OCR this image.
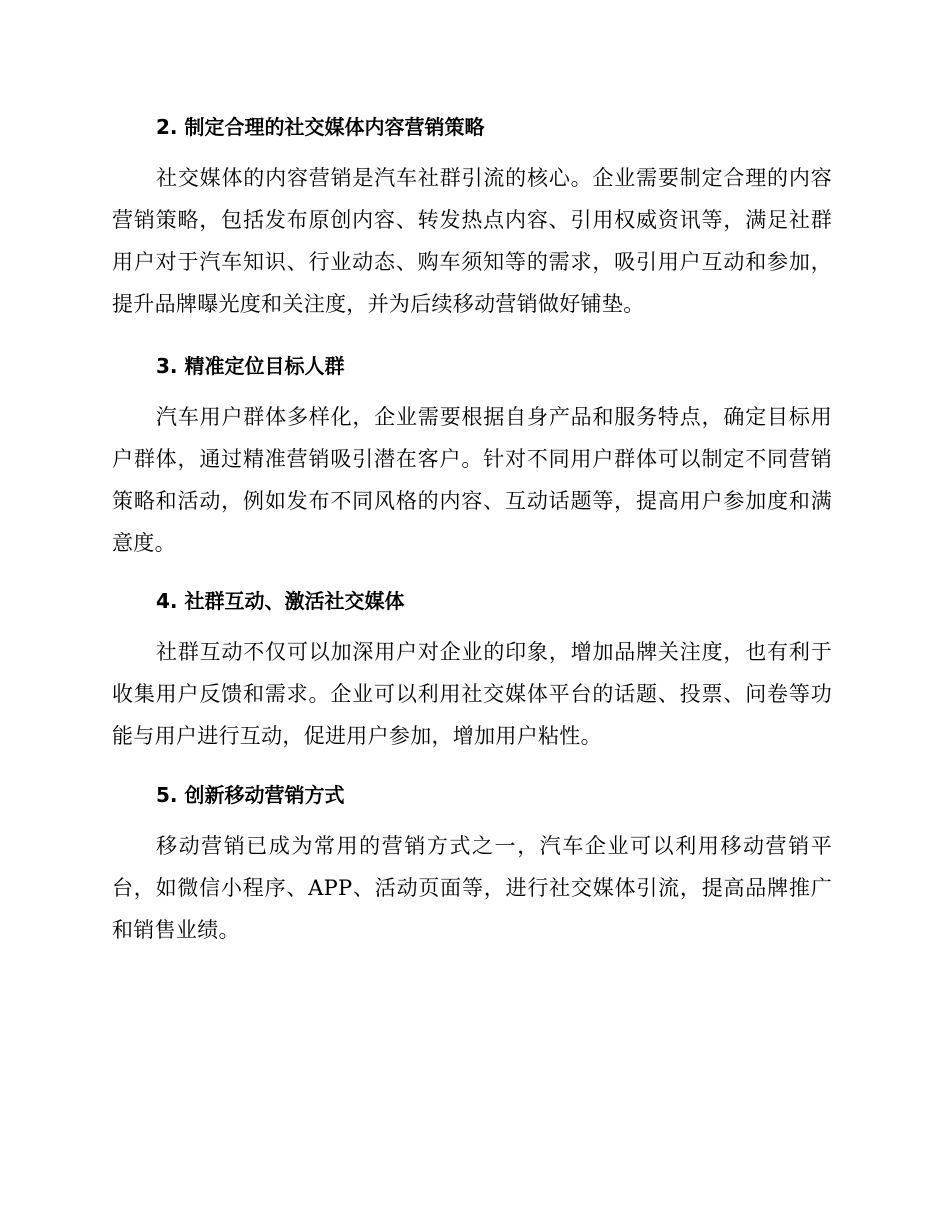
2. 制定合理的社交媒体内容营销策略

社交媒体的内容营销是汽车社群引流的核心。企业需要制定合理的内容营销策略，包括发布原创内容、转发热点内容、引用权威资讯等，满足社群用户对于汽车知识、行业动态、购车须知等的需求，吸引用户互动和参加，提升品牌曝光度和关注度，并为后续移动营销做好铺垫。

3. 精准定位目标人群

汽车用户群体多样化，企业需要根据自身产品和服务特点，确定目标用户群体，通过精准营销吸引潜在客户。针对不同用户群体可以制定不同营销策略和活动，例如发布不同风格的内容、互动话题等，提高用户参加度和满意度。

4. 社群互动、激活社交媒体

社群互动不仅可以加深用户对企业的印象，增加品牌关注度，也有利于收集用户反馈和需求。企业可以利用社交媒体平台的话题、投票、问卷等功能与用户进行互动，促进用户参加，增加用户粘性。

5. 创新移动营销方式

移动营销已成为常用的营销方式之一，汽车企业可以利用移动营销平台，如微信小程序、APP、活动页面等，进行社交媒体引流，提高品牌推广和销售业绩。
